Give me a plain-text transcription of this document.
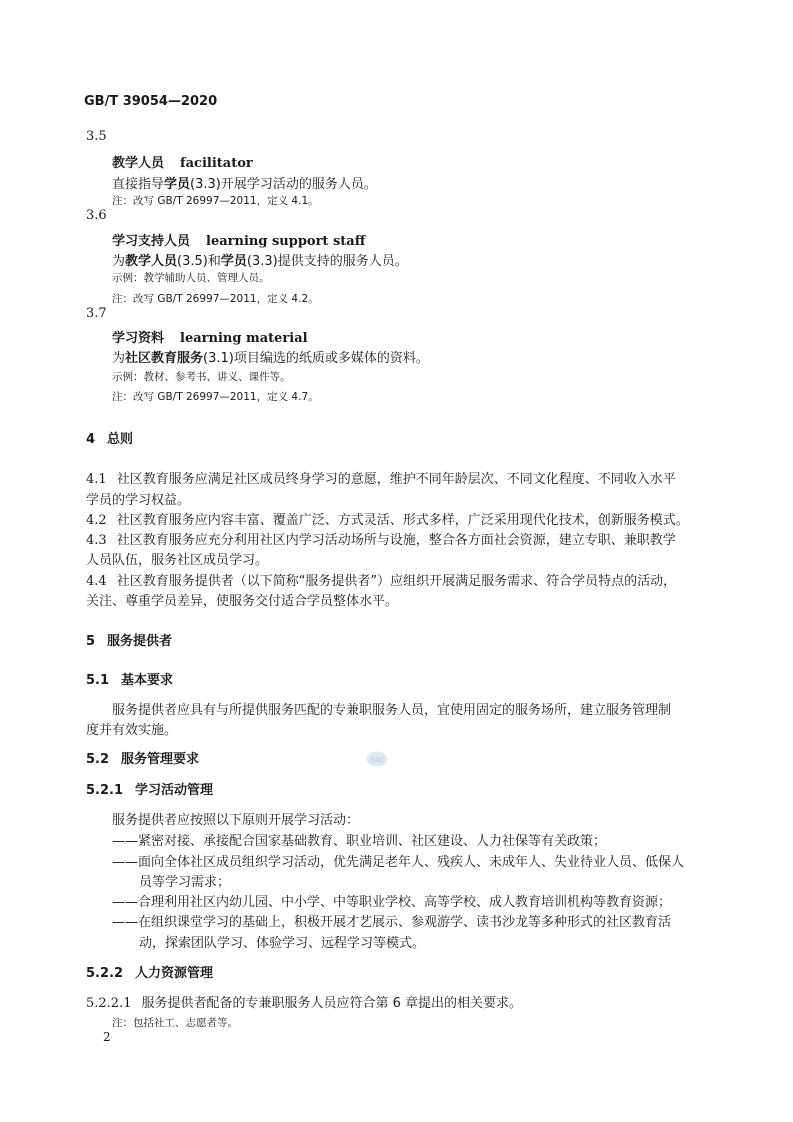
GB/T 39054—2020
3.5
教学人员 facilitator
直接指导学员(3.3)开展学习活动的服务人员。
注：改写 GB/T 26997—2011，定义 4.1。
3.6
学习支持人员 learning support staff
为教学人员(3.5)和学员(3.3)提供支持的服务人员。
示例：教学辅助人员、管理人员。
注：改写 GB/T 26997—2011，定义 4.2。
3.7
学习资料 learning material
为社区教育服务(3.1)项目编选的纸质或多媒体的资料。
示例：教材、参考书、讲义、课件等。
注：改写 GB/T 26997—2011，定义 4.7。
4 总则
4.1 社区教育服务应满足社区成员终身学习的意愿，维护不同年龄层次、不同文化程度、不同收入水平
学员的学习权益。
4.2 社区教育服务应内容丰富、覆盖广泛、方式灵活、形式多样，广泛采用现代化技术，创新服务模式。
4.3 社区教育服务应充分利用社区内学习活动场所与设施，整合各方面社会资源，建立专职、兼职教学
人员队伍，服务社区成员学习。
4.4 社区教育服务提供者（以下简称“服务提供者”）应组织开展满足服务需求、符合学员特点的活动，
关注、尊重学员差异，使服务交付适合学员整体水平。
5 服务提供者
5.1 基本要求
服务提供者应具有与所提供服务匹配的专兼职服务人员，宜使用固定的服务场所，建立服务管理制
度并有效实施。
5.2 服务管理要求	SAC
5.2.1 学习活动管理
服务提供者应按照以下原则开展学习活动：
——紧密对接、承接配合国家基础教育、职业培训、社区建设、人力社保等有关政策；
——面向全体社区成员组织学习活动，优先满足老年人、残疾人、未成年人、失业待业人员、低保人
员等学习需求；
——合理利用社区内幼儿园、中小学、中等职业学校、高等学校、成人教育培训机构等教育资源；
——在组织课堂学习的基础上，积极开展才艺展示、参观游学、读书沙龙等多种形式的社区教育活
动，探索团队学习、体验学习、远程学习等模式。
5.2.2 人力资源管理
5.2.2.1 服务提供者配备的专兼职服务人员应符合第 6 章提出的相关要求。
注：包括社工、志愿者等。
2
